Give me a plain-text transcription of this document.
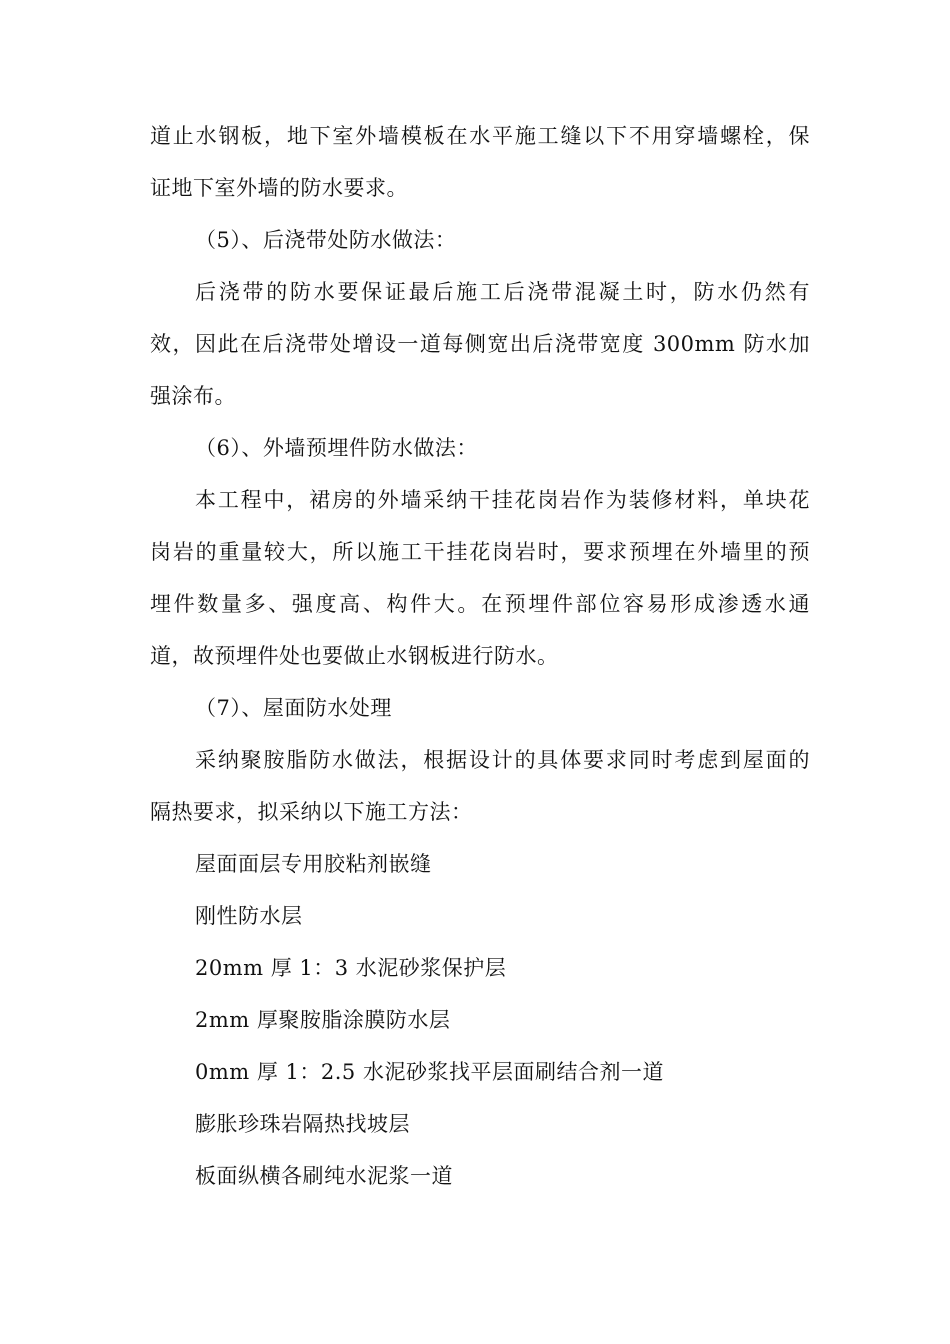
道止水钢板，地下室外墙模板在水平施工缝以下不用穿墙螺栓，保
证地下室外墙的防水要求。
（5）、后浇带处防水做法：
后浇带的防水要保证最后施工后浇带混凝土时，防水仍然有
效，因此在后浇带处增设一道每侧宽出后浇带宽度 300mm 防水加
强涂布。
（6）、外墙预埋件防水做法：
本工程中，裙房的外墙采纳干挂花岗岩作为装修材料，单块花
岗岩的重量较大，所以施工干挂花岗岩时，要求预埋在外墙里的预
埋件数量多、强度高、构件大。在预埋件部位容易形成渗透水通
道，故预埋件处也要做止水钢板进行防水。
（7）、屋面防水处理
采纳聚胺脂防水做法，根据设计的具体要求同时考虑到屋面的
隔热要求，拟采纳以下施工方法：
屋面面层专用胶粘剂嵌缝
刚性防水层
20mm 厚 1：3 水泥砂浆保护层
2mm 厚聚胺脂涂膜防水层
0mm 厚 1：2.5 水泥砂浆找平层面刷结合剂一道
膨胀珍珠岩隔热找坡层
板面纵横各刷纯水泥浆一道
